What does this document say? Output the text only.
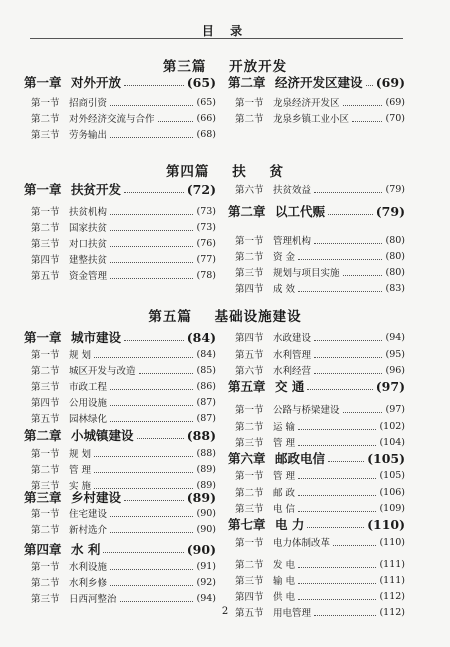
目 录
第三篇    开放开发
第一章 对外开放	(65)
第一节 招商引资	(65)
第二节 对外经济交流与合作	(66)
第三节 劳务输出	(68)
第二章 经济开发区建设 (69)
第一节 龙泉经济开发区	(69)
第二节 龙泉乡镇工业小区	(70)
第四篇    扶    贫
第一章 扶贫开发	(72)
第一节 扶贫机构	(73)
第二节 国家扶贫	(73)
第三节 对口扶贫	(76)
第四节 建整扶贫	(77)
第五节 资金管理	(78)
第六节 扶贫效益	(79)
第二章 以工代赈	(79)
第一节 管理机构	(80)
第二节 资 金	(80)
第三节 规划与项目实施	(80)
第四节 成 效	(83)
第五篇    基础设施建设
第一章 城市建设	(84)
第一节 规 划	(84)
第二节 城区开发与改造	(85)
第三节 市政工程	(86)
第四节 公用设施	(87)
第五节 园林绿化	(87)
第二章 小城镇建设	(88)
第一节 规 划	(88)
第二节 管 理	(89)
第三节 实 施	(89)
第三章 乡村建设	(89)
第一节 住宅建设	(90)
第二节 新村选介	(90)
第四章 水 利	(90)
第一节 水利设施	(91)
第二节 水利乡修	(92)
第三节 日西河整治	(94)
第四节 水政建设	(94)
第五节 水利管理	(95)
第六节 水利经营	(96)
第五章 交 通	(97)
第一节 公路与桥梁建设	(97)
第二节 运 输	(102)
第三节 管 理	(104)
第六章 邮政电信	(105)
第一节 管 理	(105)
第二节 邮 政	(106)
第三节 电 信	(109)
第七章 电 力	(110)
第一节 电力体制改革	(110)
第二节 发 电	(111)
第三节 输 电	(111)
第四节 供 电	(112)
第五节 用电管理	(112)
2
